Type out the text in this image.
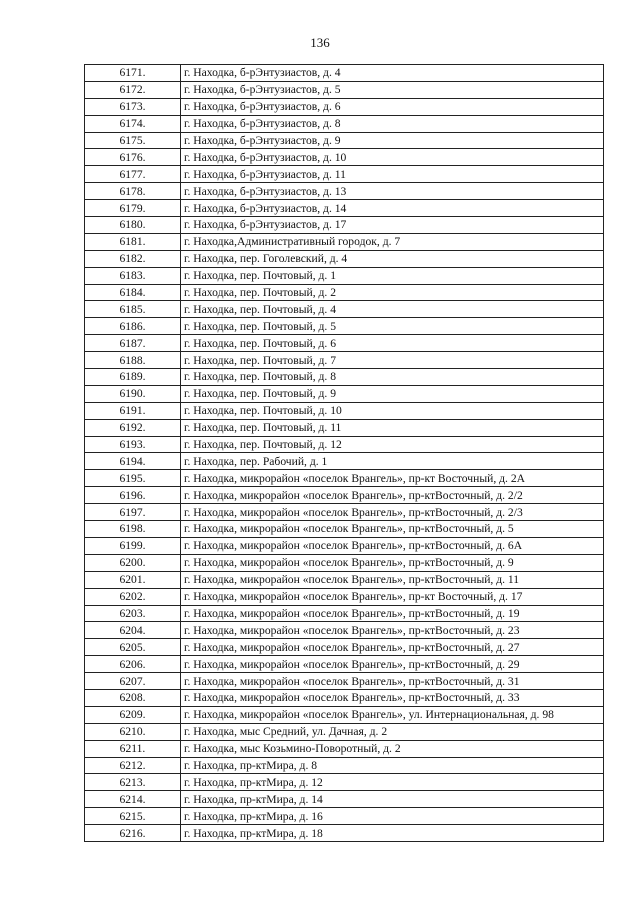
136
6171.	г. Находка, б-рЭнтузиастов, д. 4
6172.	г. Находка, б-рЭнтузиастов, д. 5
6173.	г. Находка, б-рЭнтузиастов, д. 6
6174.	г. Находка, б-рЭнтузиастов, д. 8
6175.	г. Находка, б-рЭнтузиастов, д. 9
6176.	г. Находка, б-рЭнтузиастов, д. 10
6177.	г. Находка, б-рЭнтузиастов, д. 11
6178.	г. Находка, б-рЭнтузиастов, д. 13
6179.	г. Находка, б-рЭнтузиастов, д. 14
6180.	г. Находка, б-рЭнтузиастов, д. 17
6181.	г. Находка,Административный городок, д. 7
6182.	г. Находка, пер. Гоголевский, д. 4
6183.	г. Находка, пер. Почтовый, д. 1
6184.	г. Находка, пер. Почтовый, д. 2
6185.	г. Находка, пер. Почтовый, д. 4
6186.	г. Находка, пер. Почтовый, д. 5
6187.	г. Находка, пер. Почтовый, д. 6
6188.	г. Находка, пер. Почтовый, д. 7
6189.	г. Находка, пер. Почтовый, д. 8
6190.	г. Находка, пер. Почтовый, д. 9
6191.	г. Находка, пер. Почтовый, д. 10
6192.	г. Находка, пер. Почтовый, д. 11
6193.	г. Находка, пер. Почтовый, д. 12
6194.	г. Находка, пер. Рабочий, д. 1
6195.	г. Находка, микрорайон «поселок Врангель», пр-кт Восточный, д. 2А
6196.	г. Находка, микрорайон «поселок Врангель», пр-ктВосточный, д. 2/2
6197.	г. Находка, микрорайон «поселок Врангель», пр-ктВосточный, д. 2/3
6198.	г. Находка, микрорайон «поселок Врангель», пр-ктВосточный, д. 5
6199.	г. Находка, микрорайон «поселок Врангель», пр-ктВосточный, д. 6А
6200.	г. Находка, микрорайон «поселок Врангель», пр-ктВосточный, д. 9
6201.	г. Находка, микрорайон «поселок Врангель», пр-ктВосточный, д. 11
6202.	г. Находка, микрорайон «поселок Врангель», пр-кт Восточный, д. 17
6203.	г. Находка, микрорайон «поселок Врангель», пр-ктВосточный, д. 19
6204.	г. Находка, микрорайон «поселок Врангель», пр-ктВосточный, д. 23
6205.	г. Находка, микрорайон «поселок Врангель», пр-ктВосточный, д. 27
6206.	г. Находка, микрорайон «поселок Врангель», пр-ктВосточный, д. 29
6207.	г. Находка, микрорайон «поселок Врангель», пр-ктВосточный, д. 31
6208.	г. Находка, микрорайон «поселок Врангель», пр-ктВосточный, д. 33
6209.	г. Находка, микрорайон «поселок Врангель», ул. Интернациональная, д. 98
6210.	г. Находка, мыс Средний, ул. Дачная, д. 2
6211.	г. Находка, мыс Козьмино-Поворотный, д. 2
6212.	г. Находка, пр-ктМира, д. 8
6213.	г. Находка, пр-ктМира, д. 12
6214.	г. Находка, пр-ктМира, д. 14
6215.	г. Находка, пр-ктМира, д. 16
6216.	г. Находка, пр-ктМира, д. 18
